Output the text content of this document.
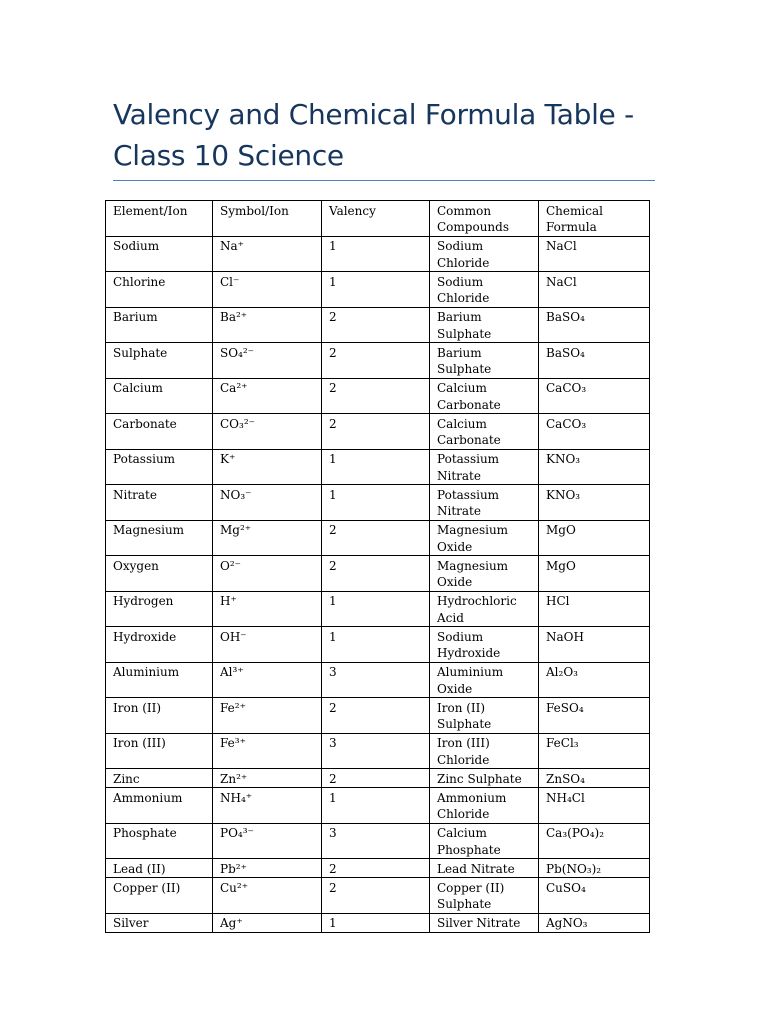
Valency and Chemical Formula Table - Class 10 Science
Element/Ion	Symbol/Ion	Valency	Common Compounds	Chemical Formula
Sodium	Na⁺	1	Sodium Chloride	NaCl
Chlorine	Cl⁻	1	Sodium Chloride	NaCl
Barium	Ba²⁺	2	Barium Sulphate	BaSO₄
Sulphate	SO₄²⁻	2	Barium Sulphate	BaSO₄
Calcium	Ca²⁺	2	Calcium Carbonate	CaCO₃
Carbonate	CO₃²⁻	2	Calcium Carbonate	CaCO₃
Potassium	K⁺	1	Potassium Nitrate	KNO₃
Nitrate	NO₃⁻	1	Potassium Nitrate	KNO₃
Magnesium	Mg²⁺	2	Magnesium Oxide	MgO
Oxygen	O²⁻	2	Magnesium Oxide	MgO
Hydrogen	H⁺	1	Hydrochloric Acid	HCl
Hydroxide	OH⁻	1	Sodium Hydroxide	NaOH
Aluminium	Al³⁺	3	Aluminium Oxide	Al₂O₃
Iron (II)	Fe²⁺	2	Iron (II) Sulphate	FeSO₄
Iron (III)	Fe³⁺	3	Iron (III) Chloride	FeCl₃
Zinc	Zn²⁺	2	Zinc Sulphate	ZnSO₄
Ammonium	NH₄⁺	1	Ammonium Chloride	NH₄Cl
Phosphate	PO₄³⁻	3	Calcium Phosphate	Ca₃(PO₄)₂
Lead (II)	Pb²⁺	2	Lead Nitrate	Pb(NO₃)₂
Copper (II)	Cu²⁺	2	Copper (II) Sulphate	CuSO₄
Silver	Ag⁺	1	Silver Nitrate	AgNO₃
